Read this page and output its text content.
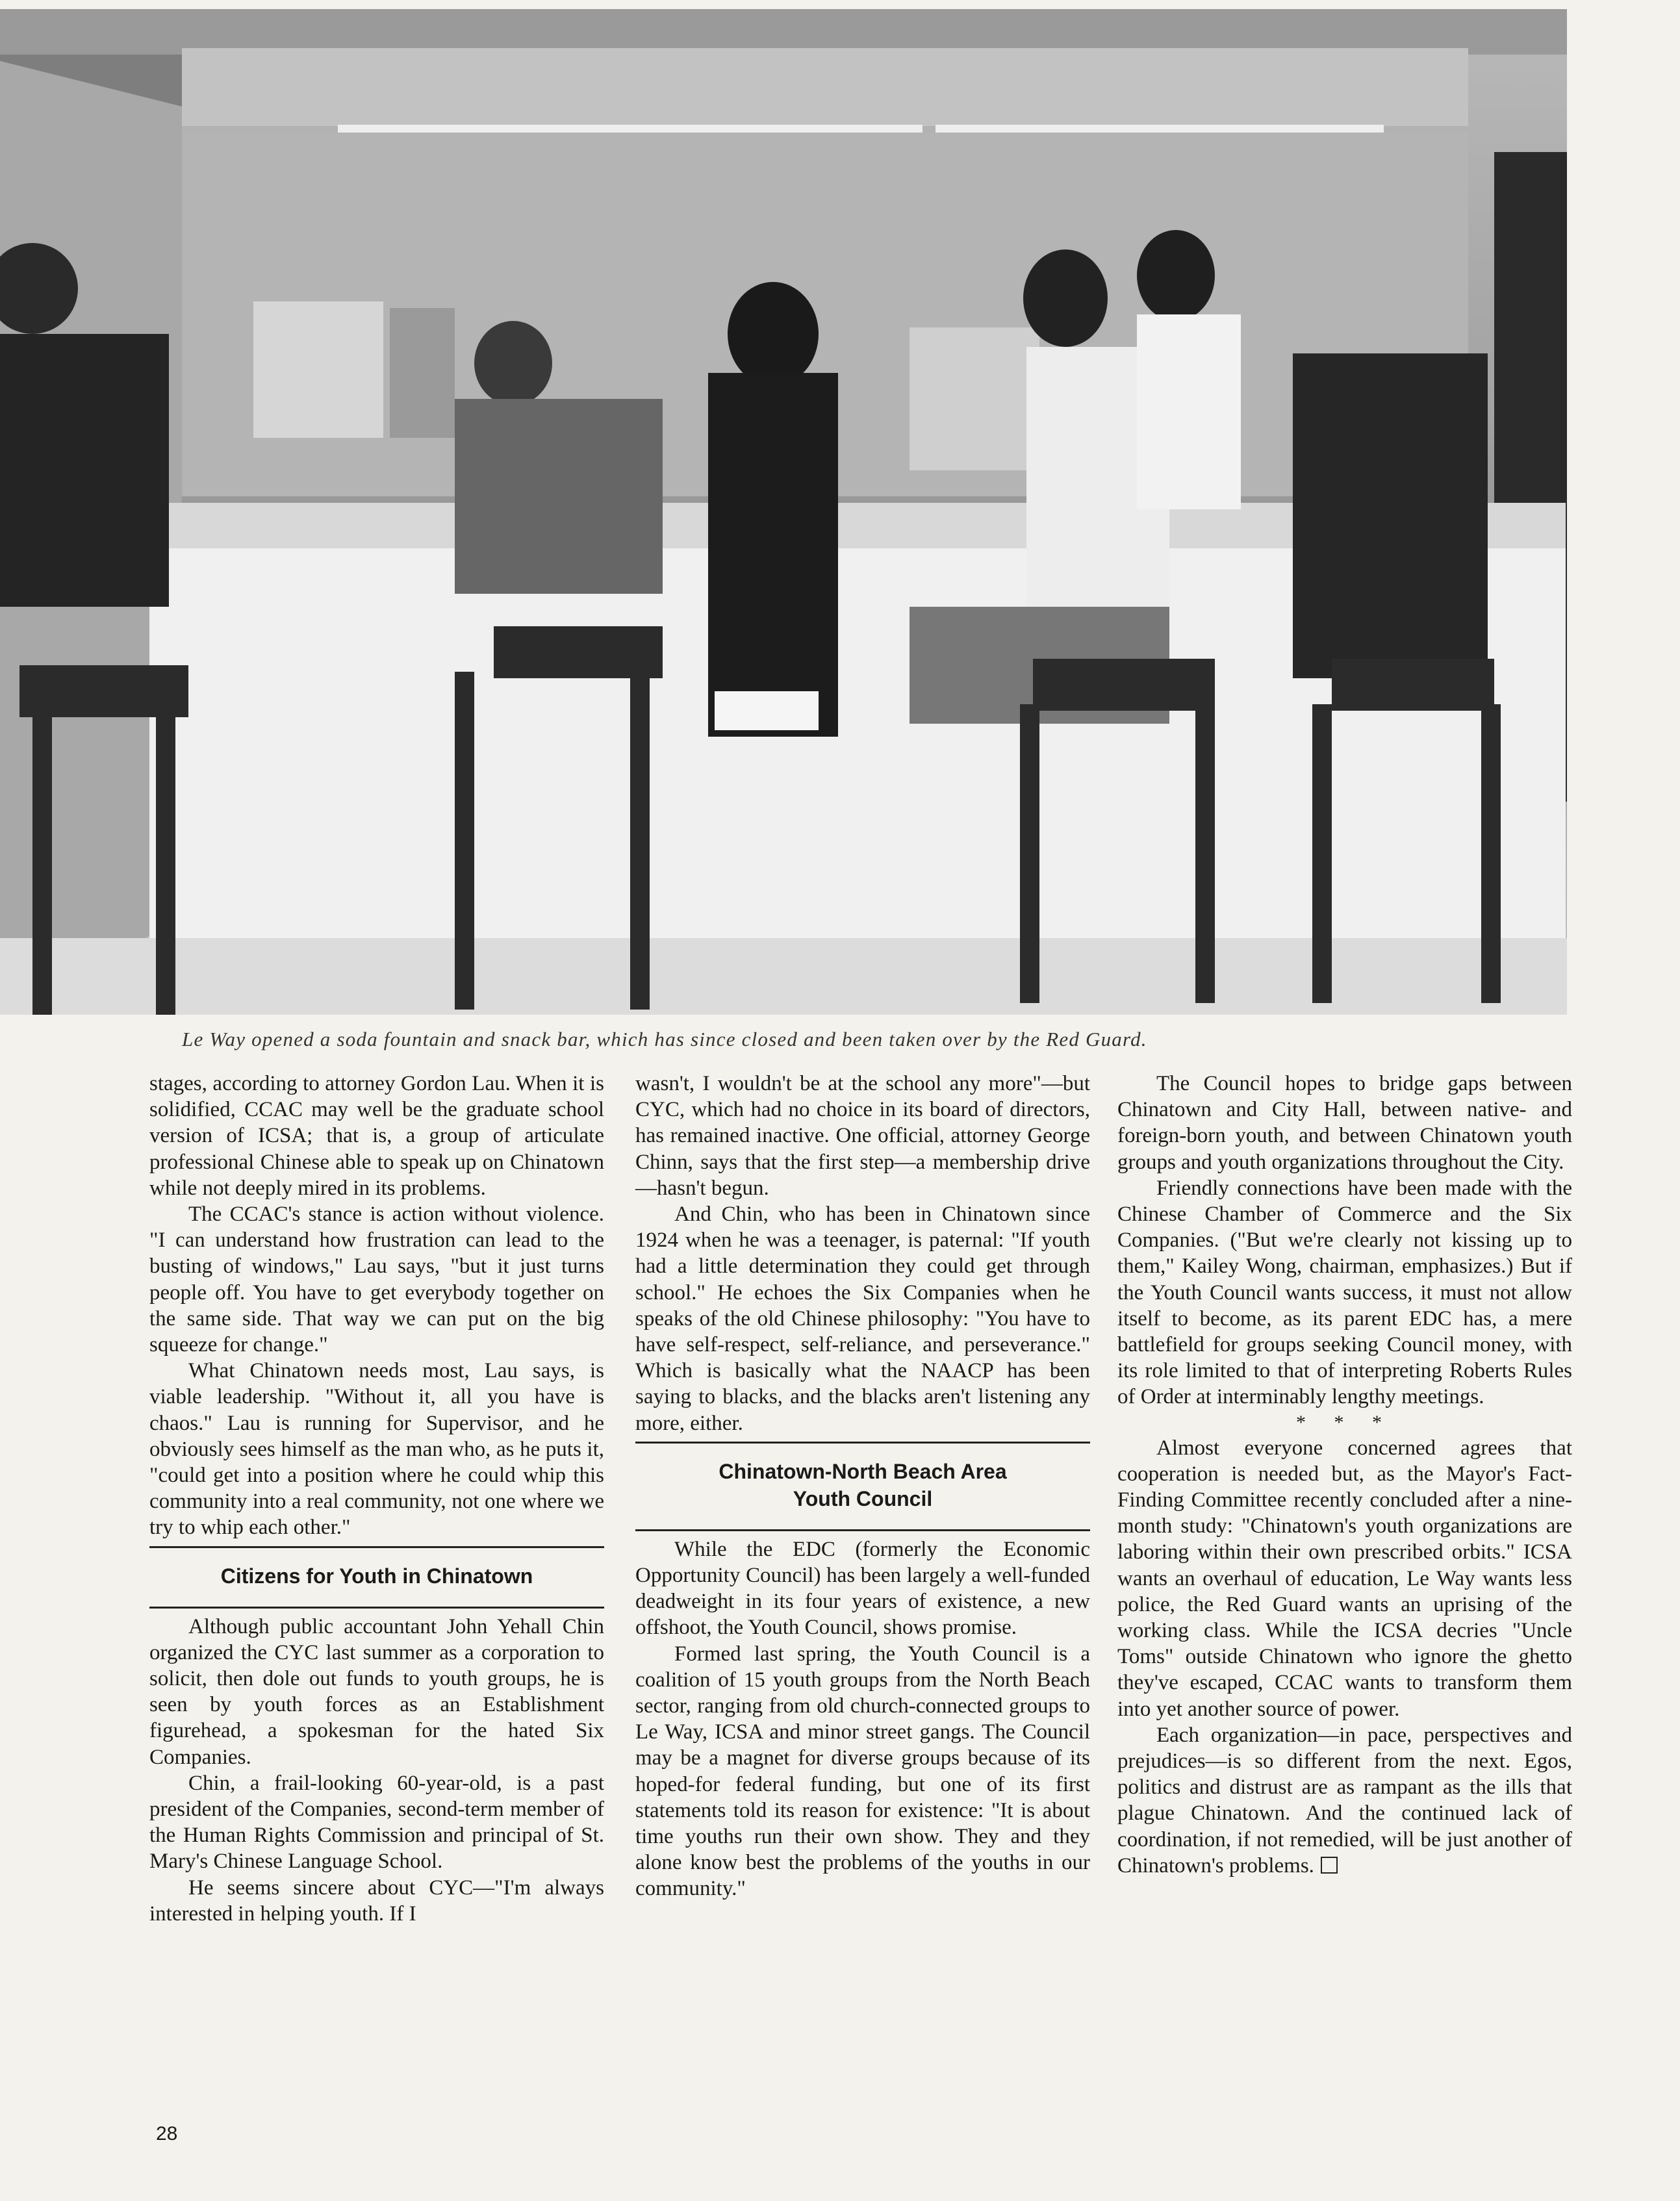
Le Way opened a soda fountain and snack bar, which has since closed and been taken over by the Red Guard.

stages, according to attorney Gordon Lau. When it is solidified, CCAC may well be the graduate school version of ICSA; that is, a group of articulate professional Chinese able to speak up on Chinatown while not deeply mired in its problems.

The CCAC's stance is action without violence. "I can understand how frustration can lead to the busting of windows," Lau says, "but it just turns people off. You have to get everybody together on the same side. That way we can put on the big squeeze for change."

What Chinatown needs most, Lau says, is viable leadership. "Without it, all you have is chaos." Lau is running for Supervisor, and he obviously sees himself as the man who, as he puts it, "could get into a position where he could whip this community into a real community, not one where we try to whip each other."

Citizens for Youth in Chinatown

Although public accountant John Yehall Chin organized the CYC last summer as a corporation to solicit, then dole out funds to youth groups, he is seen by youth forces as an Establishment figurehead, a spokesman for the hated Six Companies.

Chin, a frail-looking 60-year-old, is a past president of the Companies, second-term member of the Human Rights Commission and principal of St. Mary's Chinese Language School.

He seems sincere about CYC—"I'm always interested in helping youth. If I

wasn't, I wouldn't be at the school any more"—but CYC, which had no choice in its board of directors, has remained inactive. One official, attorney George Chinn, says that the first step—a membership drive—hasn't begun.

And Chin, who has been in Chinatown since 1924 when he was a teenager, is paternal: "If youth had a little determination they could get through school." He echoes the Six Companies when he speaks of the old Chinese philosophy: "You have to have self-respect, self-reliance, and perseverance." Which is basically what the NAACP has been saying to blacks, and the blacks aren't listening any more, either.

Chinatown-North Beach Area
Youth Council

While the EDC (formerly the Economic Opportunity Council) has been largely a well-funded deadweight in its four years of existence, a new offshoot, the Youth Council, shows promise.

Formed last spring, the Youth Council is a coalition of 15 youth groups from the North Beach sector, ranging from old church-connected groups to Le Way, ICSA and minor street gangs. The Council may be a magnet for diverse groups because of its hoped-for federal funding, but one of its first statements told its reason for existence: "It is about time youths run their own show. They and they alone know best the problems of the youths in our community."

The Council hopes to bridge gaps between Chinatown and City Hall, between native- and foreign-born youth, and between Chinatown youth groups and youth organizations throughout the City.

Friendly connections have been made with the Chinese Chamber of Commerce and the Six Companies. ("But we're clearly not kissing up to them," Kailey Wong, chairman, emphasizes.) But if the Youth Council wants success, it must not allow itself to become, as its parent EDC has, a mere battlefield for groups seeking Council money, with its role limited to that of interpreting Roberts Rules of Order at interminably lengthy meetings.

* * *

Almost everyone concerned agrees that cooperation is needed but, as the Mayor's Fact-Finding Committee recently concluded after a nine-month study: "Chinatown's youth organizations are laboring within their own prescribed orbits." ICSA wants an overhaul of education, Le Way wants less police, the Red Guard wants an uprising of the working class. While the ICSA decries "Uncle Toms" outside Chinatown who ignore the ghetto they've escaped, CCAC wants to transform them into yet another source of power.

Each organization—in pace, perspectives and prejudices—is so different from the next. Egos, politics and distrust are as rampant as the ills that plague Chinatown. And the continued lack of coordination, if not remedied, will be just another of Chinatown's problems.

28
